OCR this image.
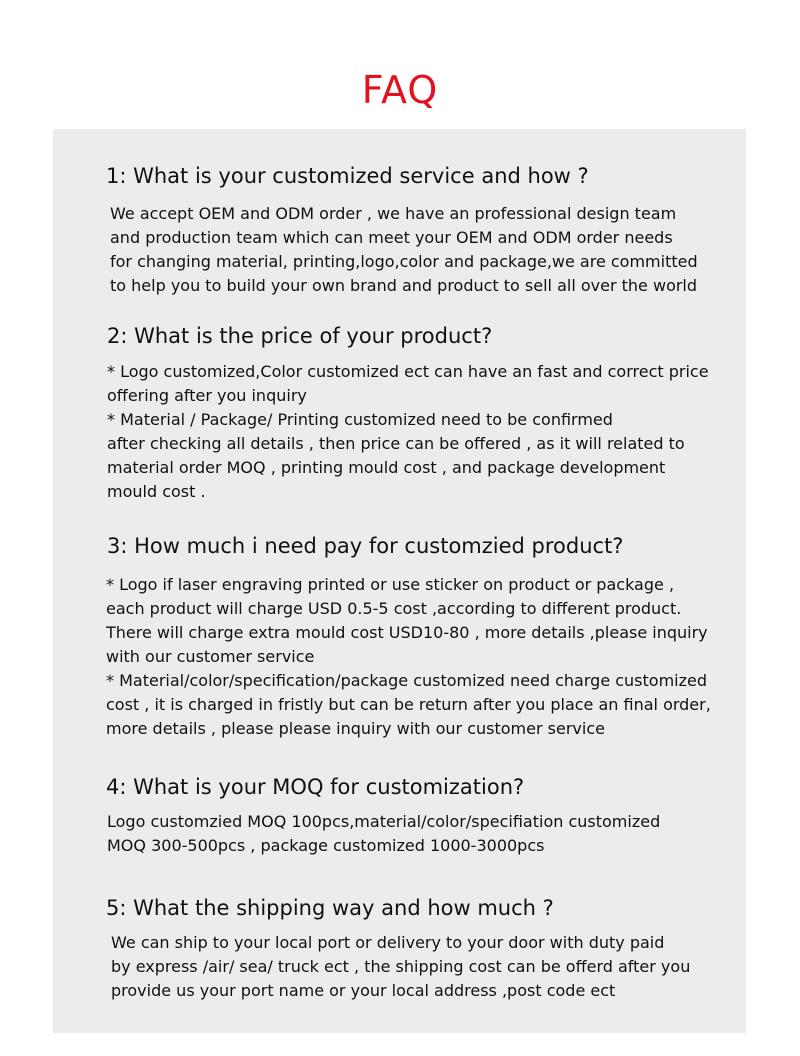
FAQ
1: What is your customized service and how ?
We accept OEM and ODM order , we have an professional design team
and production team which can meet your OEM and ODM order needs
for changing material, printing,logo,color and package,we are committed
to help you to build your own brand and product to sell all over the world
2: What is the price of your product?
* Logo customized,Color customized ect can have an fast and correct price
offering after you inquiry
* Material / Package/ Printing customized need to be confirmed
after checking all details , then price can be offered , as it will related to
material order MOQ , printing mould cost , and package development
mould cost .
3: How much i need pay for customzied product?
* Logo if laser engraving printed or use sticker on product or package ,
each product will charge USD 0.5-5 cost ,according to different product.
There will charge extra mould cost USD10-80 , more details ,please inquiry
with our customer service
* Material/color/specification/package customized need charge customized
cost , it is charged in fristly but can be return after you place an final order,
more details , please please inquiry with our customer service
4: What is your MOQ for customization?
Logo customzied MOQ 100pcs,material/color/specifiation customized
MOQ 300-500pcs , package customized 1000-3000pcs
5: What the shipping way and how much ?
We can ship to your local port or delivery to your door with duty paid
by express /air/ sea/ truck ect , the shipping cost can be offerd after you
provide us your port name or your local address ,post code ect
